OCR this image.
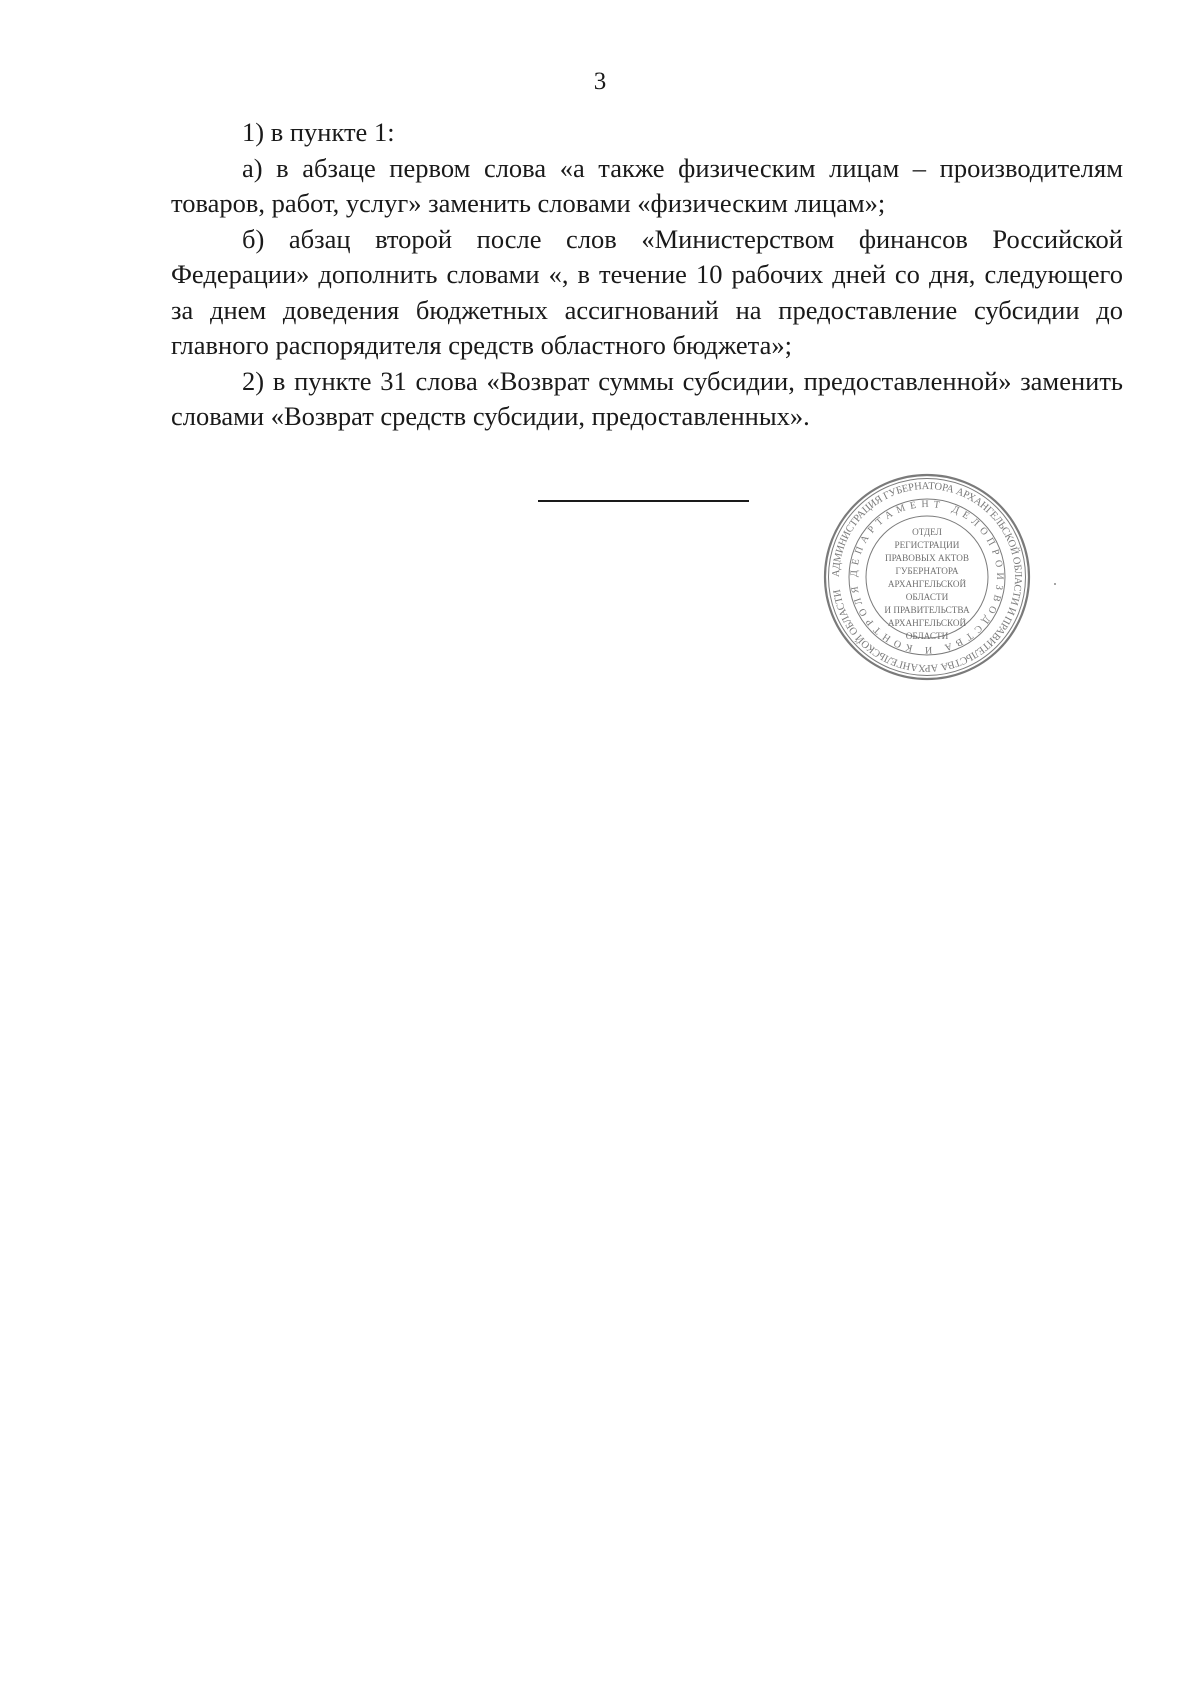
3

1) в пункте 1:

а) в абзаце первом слова «а также физическим лицам – производителям товаров, работ, услуг» заменить словами «физическим лицам»;

б) абзац второй после слов «Министерством финансов Российской Федерации» дополнить словами «, в течение 10 рабочих дней со дня, следующего за днем доведения бюджетных ассигнований на предоставление субсидии до главного распорядителя средств областного бюджета»;

2) в пункте 31 слова «Возврат суммы субсидии, предоставленной» заменить словами «Возврат средств субсидии, предоставленных».

АДМИНИСТРАЦИЯ ГУБЕРНАТОРА АРХАНГЕЛЬСКОЙ ОБЛАСТИ И ПРАВИТЕЛЬСТВА АРХАНГЕЛЬСКОЙ ОБЛАСТИ
ДЕПАРТАМЕНТ ДЕЛОПРОИЗВОДСТВА И КОНТРОЛЯ
ОТДЕЛ
РЕГИСТРАЦИИ
ПРАВОВЫХ АКТОВ
ГУБЕРНАТОРА
АРХАНГЕЛЬСКОЙ
ОБЛАСТИ
И ПРАВИТЕЛЬСТВА
АРХАНГЕЛЬСКОЙ
ОБЛАСТИ
